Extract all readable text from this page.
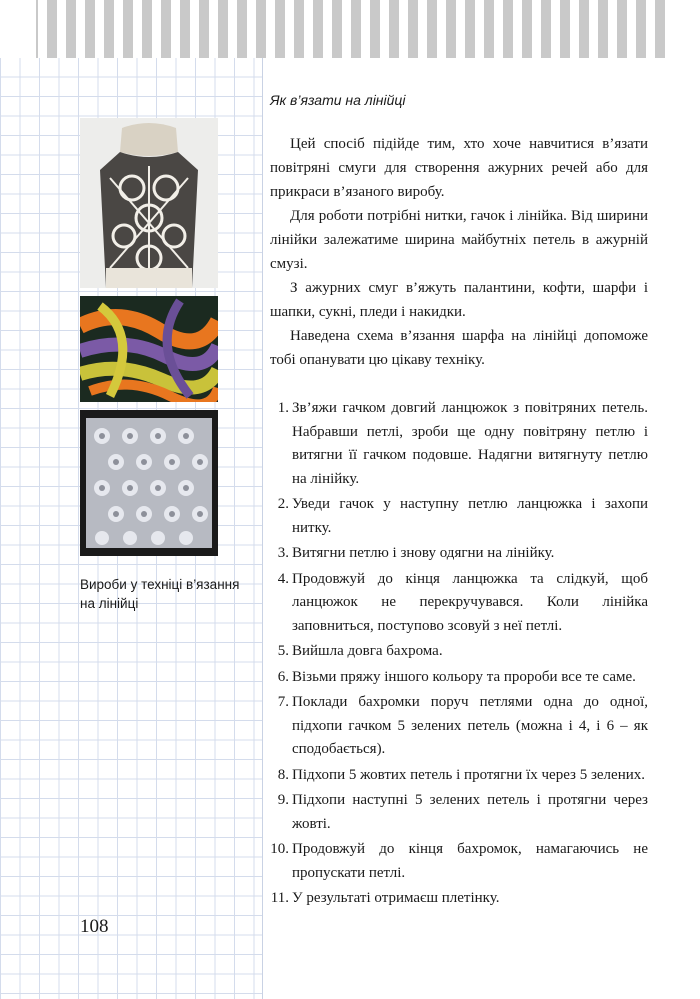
Вироби у техніці в’язання на лінійці
Як в’язати на лінійці

Цей спосіб підійде тим, хто хоче навчитися в’язати повітряні смуги для створення ажурних речей або для прикраси в’язаного виробу.

Для роботи потрібні нитки, гачок і лінійка. Від ширини лінійки залежатиме ширина майбутніх петель в ажурній смузі.

З ажурних смуг в’яжуть палантини, кофти, шарфи і шапки, сукні, пледи і накидки.

Наведена схема в’язання шарфа на лінійці допоможе тобі опанувати цю цікаву техніку.

1. Зв’яжи гачком довгий ланцюжок з повітряних петель. Набравши петлі, зроби ще одну повітряну петлю і витягни її гачком подовше. Надягни витягнуту петлю на лінійку.
2. Уведи гачок у наступну петлю ланцюжка і захопи нитку.
3. Витягни петлю і знову одягни на лінійку.
4. Продовжуй до кінця ланцюжка та слідкуй, щоб ланцюжок не перекручувався. Коли лінійка заповниться, поступово зсовуй з неї петлі.
5. Вийшла довга бахрома.
6. Візьми пряжу іншого кольору та пророби все те саме.
7. Поклади бахромки поруч петлями одна до одної, підхопи гачком 5 зелених петель (можна і 4, і 6 – як сподобається).
8. Підхопи 5 жовтих петель і протягни їх через 5 зелених.
9. Підхопи наступні 5 зелених петель і протягни через жовті.
10. Продовжуй до кінця бахромок, намагаючись не пропускати петлі.
11. У результаті отримаєш плетінку.
108
